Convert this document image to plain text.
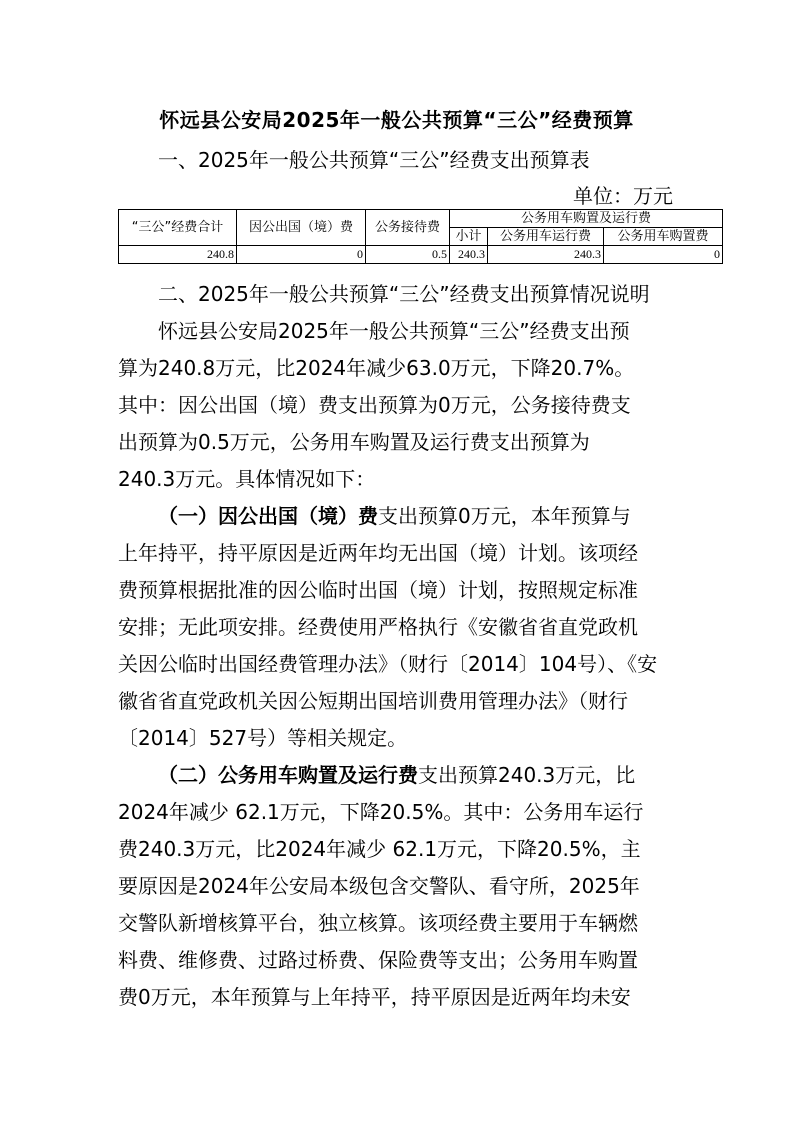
怀远县公安局2025年一般公共预算“三公”经费预算
一、2025年一般公共预算“三公”经费支出预算表
单位：万元
“三公”经费合计	因公出国（境）费	公务接待费	公务用车购置及运行费		
			小计	公务用车运行费	公务用车购置费
240.8	0	0.5	240.3	240.3	0

二、2025年一般公共预算“三公”经费支出预算情况说明

怀远县公安局2025年一般公共预算“三公”经费支出预

算为240.8万元，比2024年减少63.0万元，下降20.7%。

其中：因公出国（境）费支出预算为0万元，公务接待费支

出预算为0.5万元，公务用车购置及运行费支出预算为

240.3万元。具体情况如下：

（一）因公出国（境）费支出预算0万元，本年预算与

上年持平，持平原因是近两年均无出国（境）计划。该项经

费预算根据批准的因公临时出国（境）计划，按照规定标准

安排；无此项安排。经费使用严格执行《安徽省省直党政机

关因公临时出国经费管理办法》（财行〔2014〕104号）、《安

徽省省直党政机关因公短期出国培训费用管理办法》（财行

〔2014〕527号）等相关规定。

（二）公务用车购置及运行费支出预算240.3万元，比

2024年减少 62.1万元，下降20.5%。其中：公务用车运行

费240.3万元，比2024年减少 62.1万元，下降20.5%，主

要原因是2024年公安局本级包含交警队、看守所，2025年

交警队新增核算平台，独立核算。该项经费主要用于车辆燃

料费、维修费、过路过桥费、保险费等支出；公务用车购置

费0万元，本年预算与上年持平，持平原因是近两年均未安
